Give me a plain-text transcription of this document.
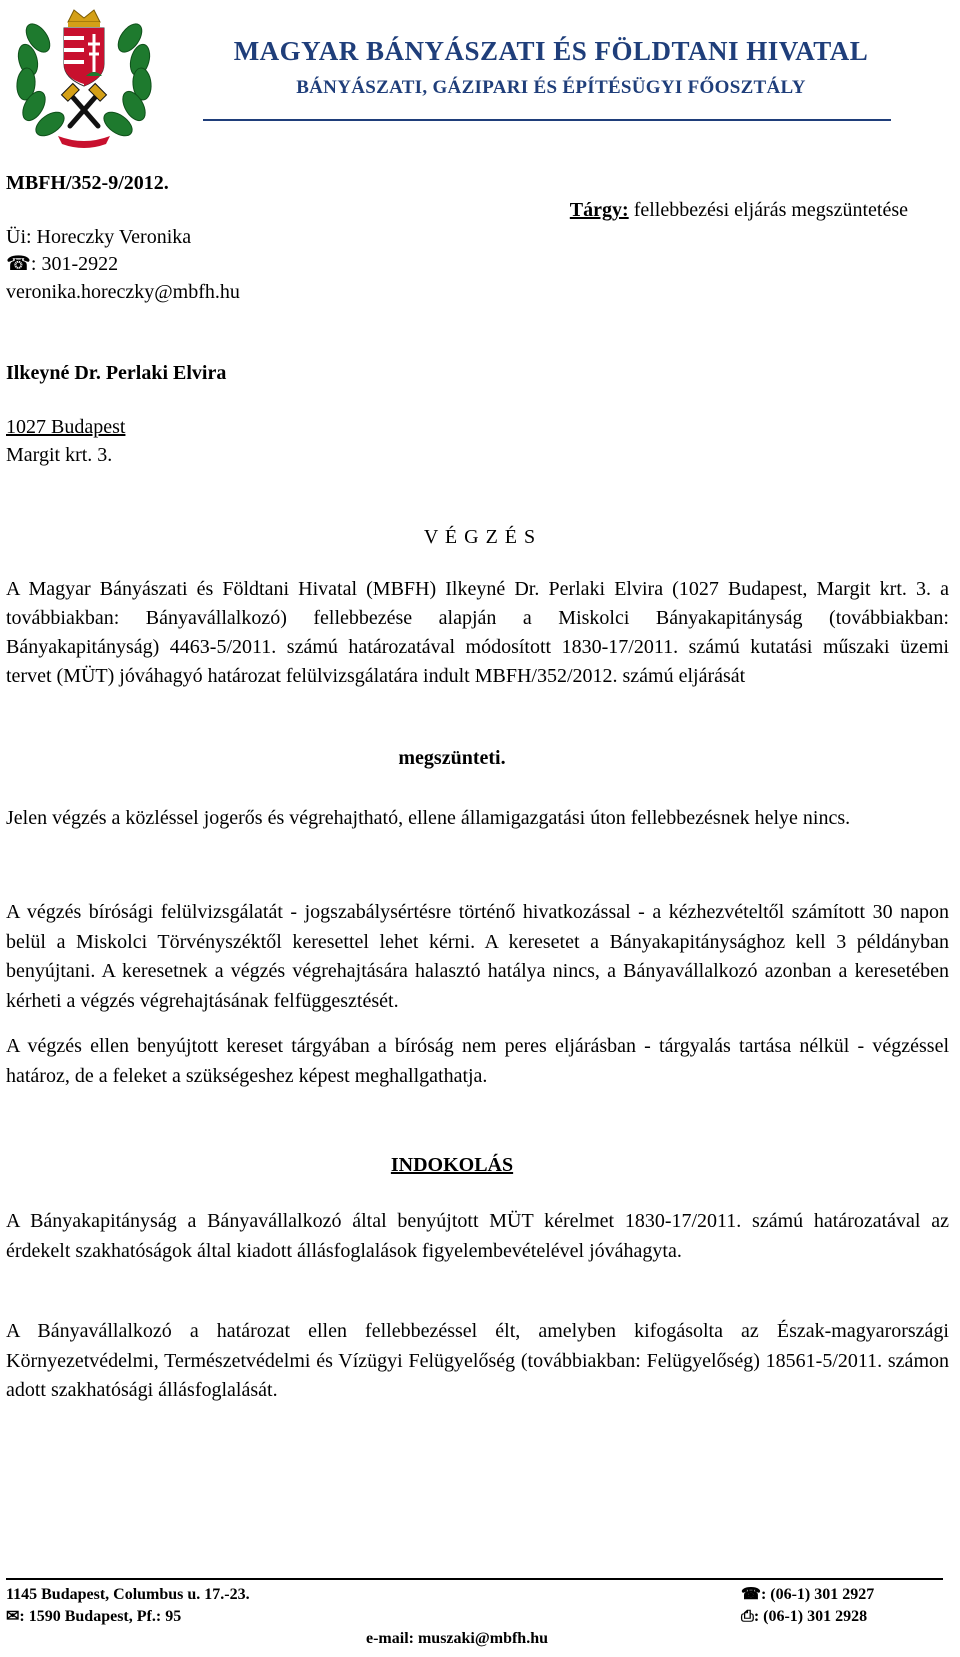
MAGYAR BÁNYÁSZATI ÉS FÖLDTANI HIVATAL
BÁNYÁSZATI, GÁZIPARI ÉS ÉPÍTÉSÜGYI FŐOSZTÁLY
MBFH/352-9/2012.
Üi: Horeczky Veronika
☎: 301-2922
veronika.horeczky@mbfh.hu
Tárgy: fellebbezési eljárás megszüntetése
Ilkeyné Dr. Perlaki Elvira
1027 Budapest
Margit krt. 3.
V É G Z É S
A Magyar Bányászati és Földtani Hivatal (MBFH) Ilkeyné Dr. Perlaki Elvira (1027 Budapest, Margit krt. 3. a továbbiakban: Bányavállalkozó) fellebbezése alapján a Miskolci Bányakapitányság (továbbiakban: Bányakapitányság) 4463-5/2011. számú határozatával módosított 1830-17/2011. számú kutatási műszaki üzemi tervet (MÜT) jóváhagyó határozat felülvizsgálatára indult MBFH/352/2012. számú eljárását
megszünteti.
Jelen végzés a közléssel jogerős és végrehajtható, ellene államigazgatási úton fellebbezésnek helye nincs.
A végzés bírósági felülvizsgálatát - jogszabálysértésre történő hivatkozással - a kézhezvételtől számított 30 napon belül a Miskolci Törvényszéktől keresettel lehet kérni. A keresetet a Bányakapitánysághoz kell 3 példányban benyújtani. A keresetnek a végzés végrehajtására halasztó hatálya nincs, a Bányavállalkozó azonban a keresetében kérheti a végzés végrehajtásának felfüggesztését.
A végzés ellen benyújtott kereset tárgyában a bíróság nem peres eljárásban - tárgyalás tartása nélkül - végzéssel határoz, de a feleket a szükségeshez képest meghallgathatja.
INDOKOLÁS
A Bányakapitányság a Bányavállalkozó által benyújtott MÜT kérelmet 1830-17/2011. számú határozatával az érdekelt szakhatóságok által kiadott állásfoglalások figyelembevételével jóváhagyta.
A Bányavállalkozó a határozat ellen fellebbezéssel élt, amelyben kifogásolta az Észak-magyarországi Környezetvédelmi, Természetvédelmi és Vízügyi Felügyelőség (továbbiakban: Felügyelőség) 18561-5/2011. számon adott szakhatósági állásfoglalását.
1145 Budapest, Columbus u. 17.-23.
✉: 1590 Budapest, Pf.: 95
e-mail: muszaki@mbfh.hu
☎: (06-1) 301 2927
⎙: (06-1) 301 2928
